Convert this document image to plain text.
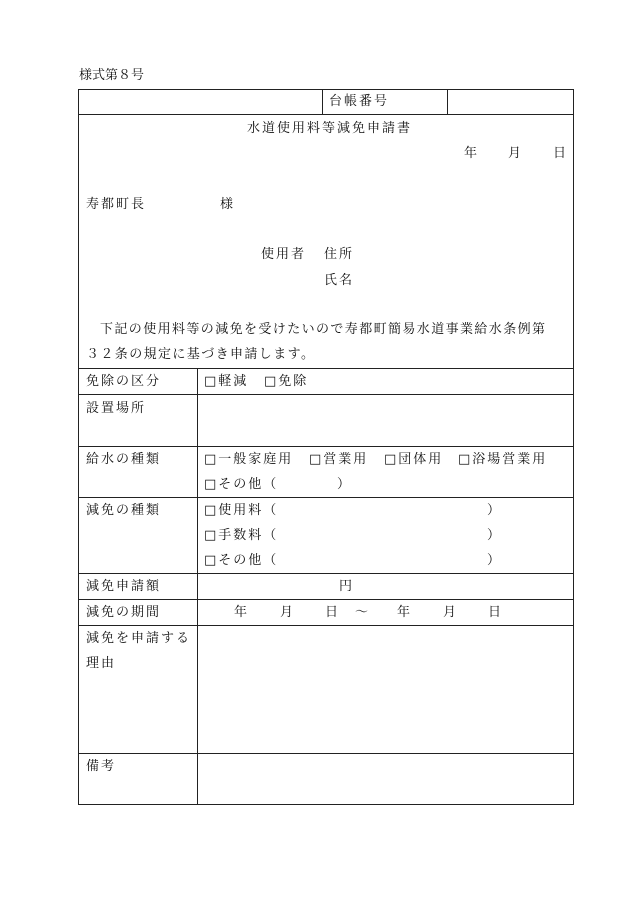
様式第８号
台帳番号
水道使用料等減免申請書
年 月 日
寿都町長	様
使用者 住所
氏名
下記の使用料等の減免を受けたいので寿都町簡易水道事業給水条例第
３２条の規定に基づき申請します。
免除の区分	□軽減 □免除
設置場所
給水の種類	□一般家庭用 □営業用 □団体用 □浴場営業用
□その他（	）
減免の種類	□使用料（	）
□手数料（	）
□その他（	）
減免申請額	円
減免の期間	年	月 日 ～ 年	月 日
減免を申請する
理由
備考
